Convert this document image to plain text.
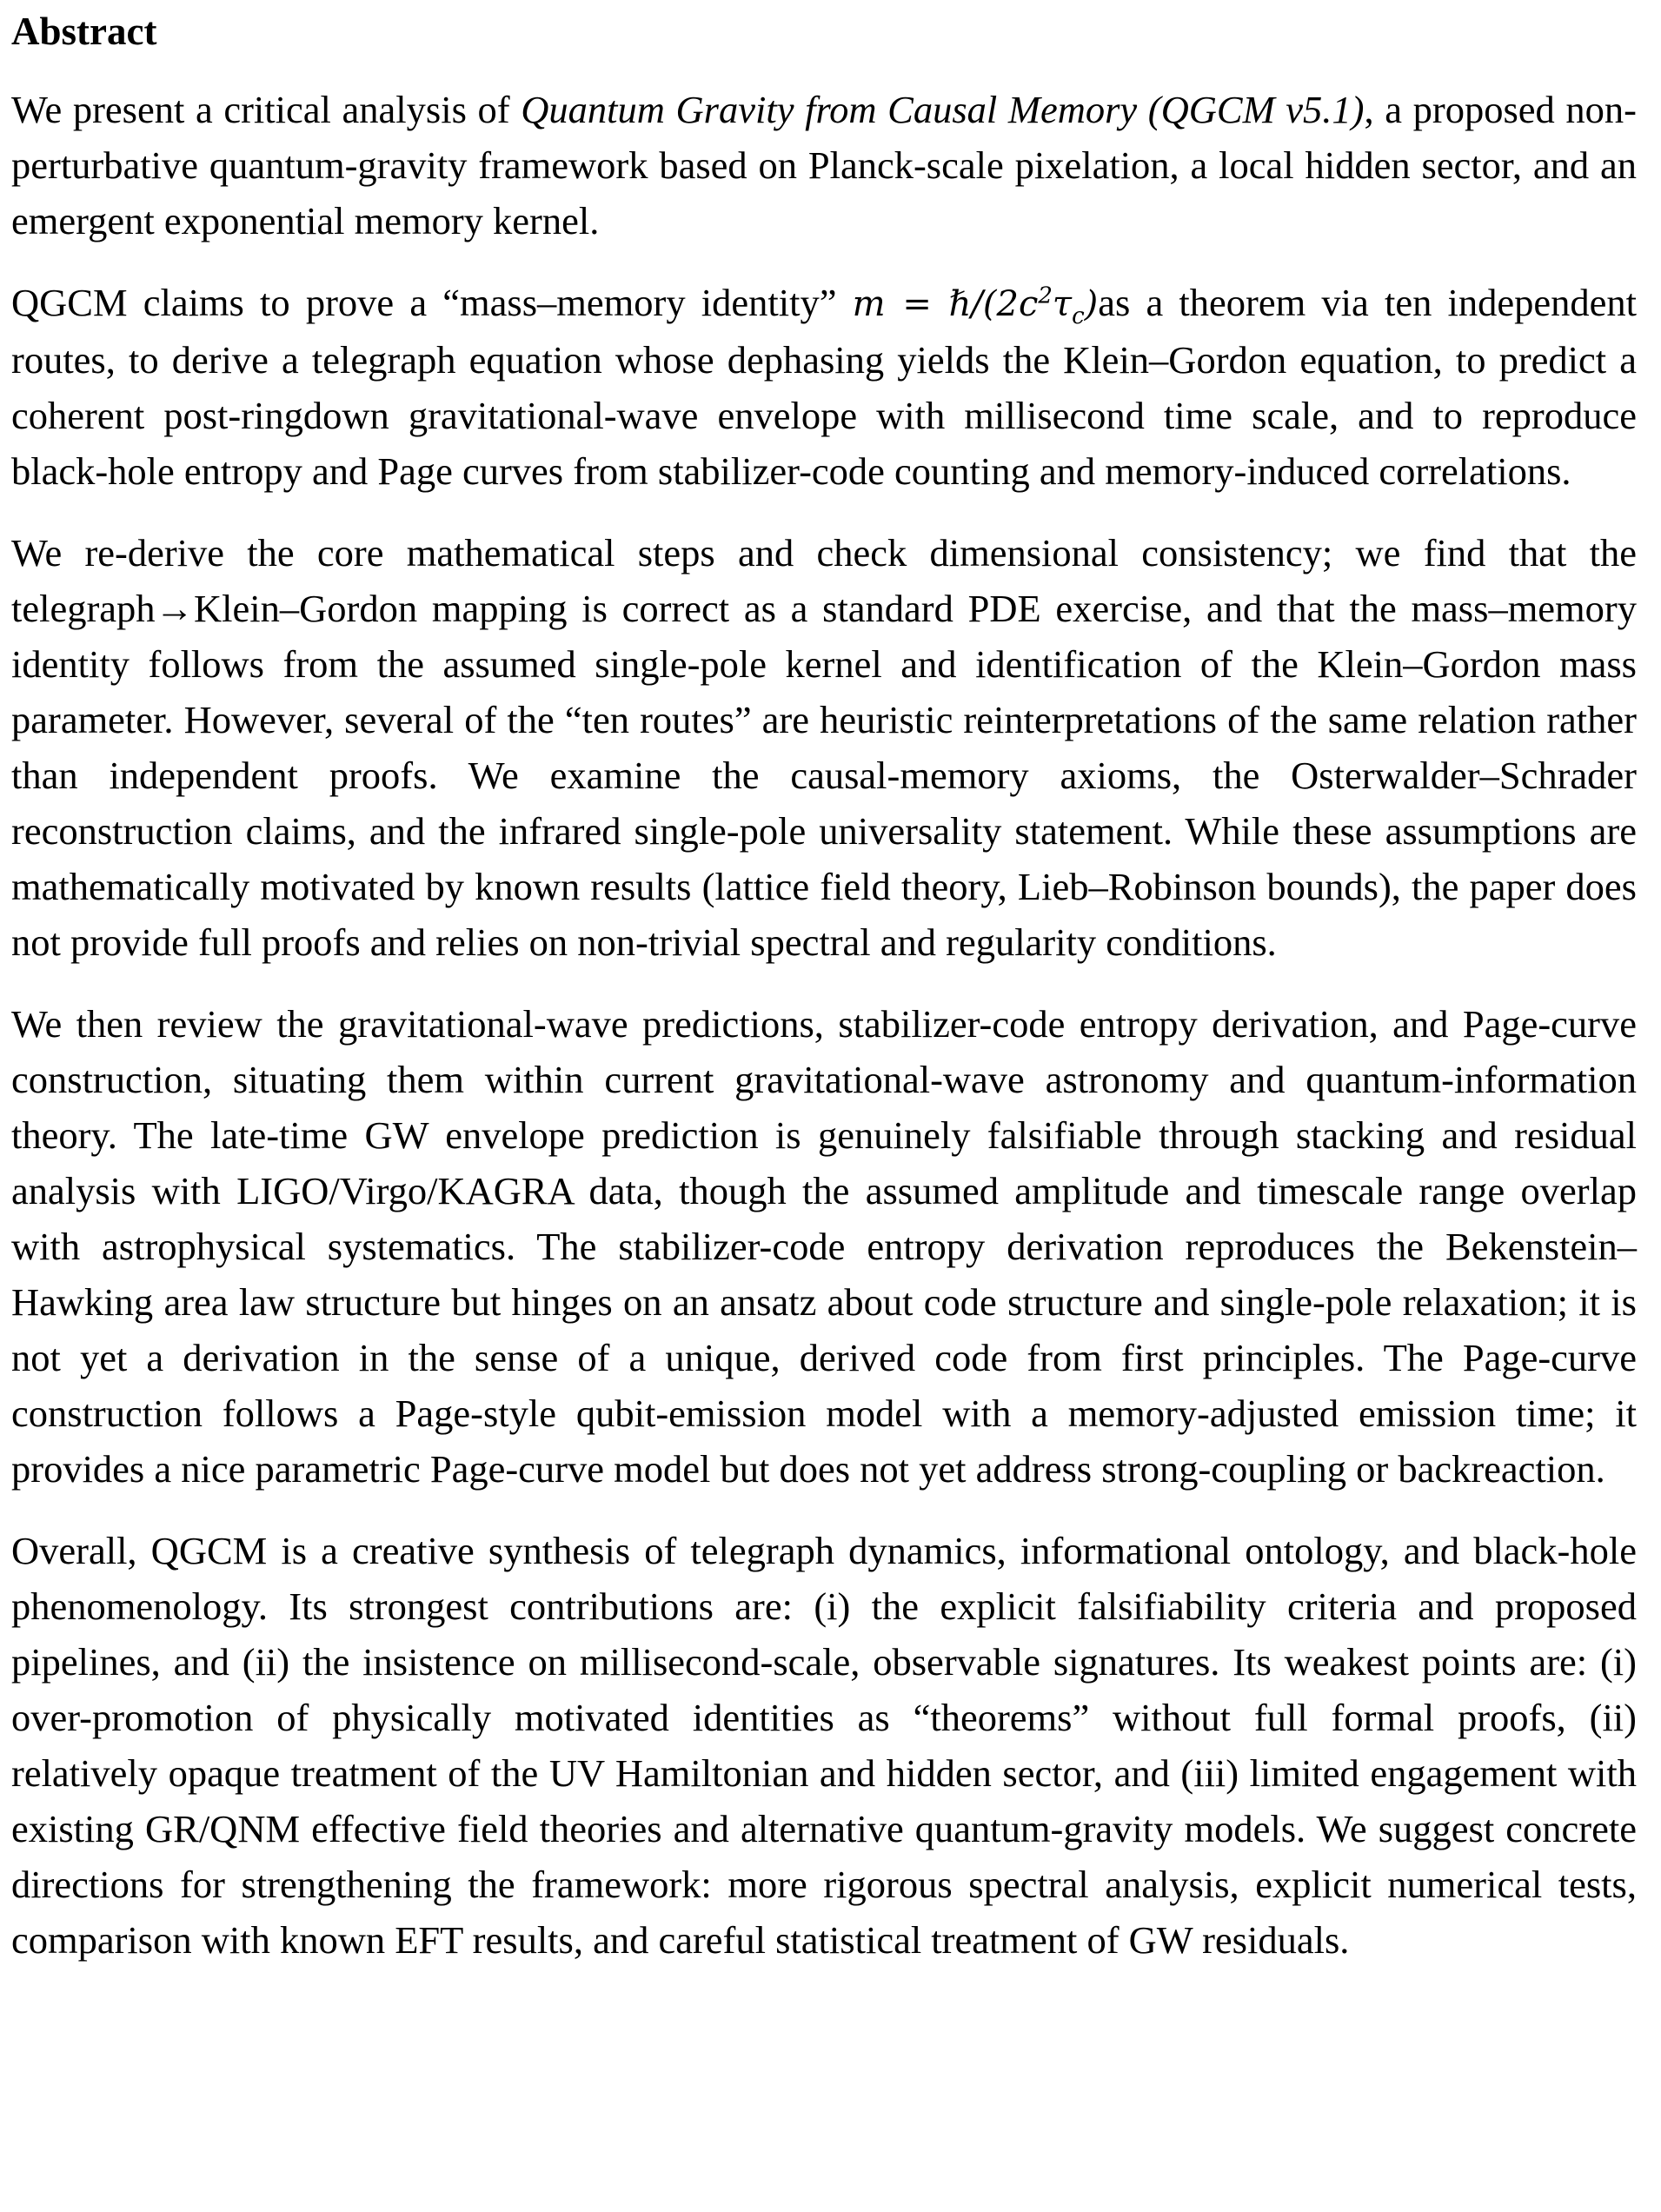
Abstract

We present a critical analysis of Quantum Gravity from Causal Memory (QGCM v5.1), a proposed non-perturbative quantum-gravity framework based on Planck-scale pixelation, a local hidden sector, and an emergent exponential memory kernel.

QGCM claims to prove a “mass–memory identity” $m = \hbar/(2c^2\tau_c)as$ a theorem via ten independent routes, to derive a telegraph equation whose dephasing yields the Klein–Gordon equation, to predict a coherent post-ringdown gravitational-wave envelope with millisecond time scale, and to reproduce black-hole entropy and Page curves from stabilizer-code counting and memory-induced correlations.

We re-derive the core mathematical steps and check dimensional consistency; we find that the telegraph→Klein–Gordon mapping is correct as a standard PDE exercise, and that the mass–memory identity follows from the assumed single-pole kernel and identification of the Klein–Gordon mass parameter. However, several of the “ten routes” are heuristic reinterpretations of the same relation rather than independent proofs. We examine the causal-memory axioms, the Osterwalder–Schrader reconstruction claims, and the infrared single-pole universality statement. While these assumptions are mathematically motivated by known results (lattice field theory, Lieb–Robinson bounds), the paper does not provide full proofs and relies on non-trivial spectral and regularity conditions.

We then review the gravitational-wave predictions, stabilizer-code entropy derivation, and Page-curve construction, situating them within current gravitational-wave astronomy and quantum-information theory. The late-time GW envelope prediction is genuinely falsifiable through stacking and residual analysis with LIGO/Virgo/KAGRA data, though the assumed amplitude and timescale range overlap with astrophysical systematics. The stabilizer-code entropy derivation reproduces the Bekenstein–Hawking area law structure but hinges on an ansatz about code structure and single-pole relaxation; it is not yet a derivation in the sense of a unique, derived code from first principles. The Page-curve construction follows a Page-style qubit-emission model with a memory-adjusted emission time; it provides a nice parametric Page-curve model but does not yet address strong-coupling or backreaction.

Overall, QGCM is a creative synthesis of telegraph dynamics, informational ontology, and black-hole phenomenology. Its strongest contributions are: (i) the explicit falsifiability criteria and proposed pipelines, and (ii) the insistence on millisecond-scale, observable signatures. Its weakest points are: (i) over-promotion of physically motivated identities as “theorems” without full formal proofs, (ii) relatively opaque treatment of the UV Hamiltonian and hidden sector, and (iii) limited engagement with existing GR/QNM effective field theories and alternative quantum-gravity models. We suggest concrete directions for strengthening the framework: more rigorous spectral analysis, explicit numerical tests, comparison with known EFT results, and careful statistical treatment of GW residuals.
